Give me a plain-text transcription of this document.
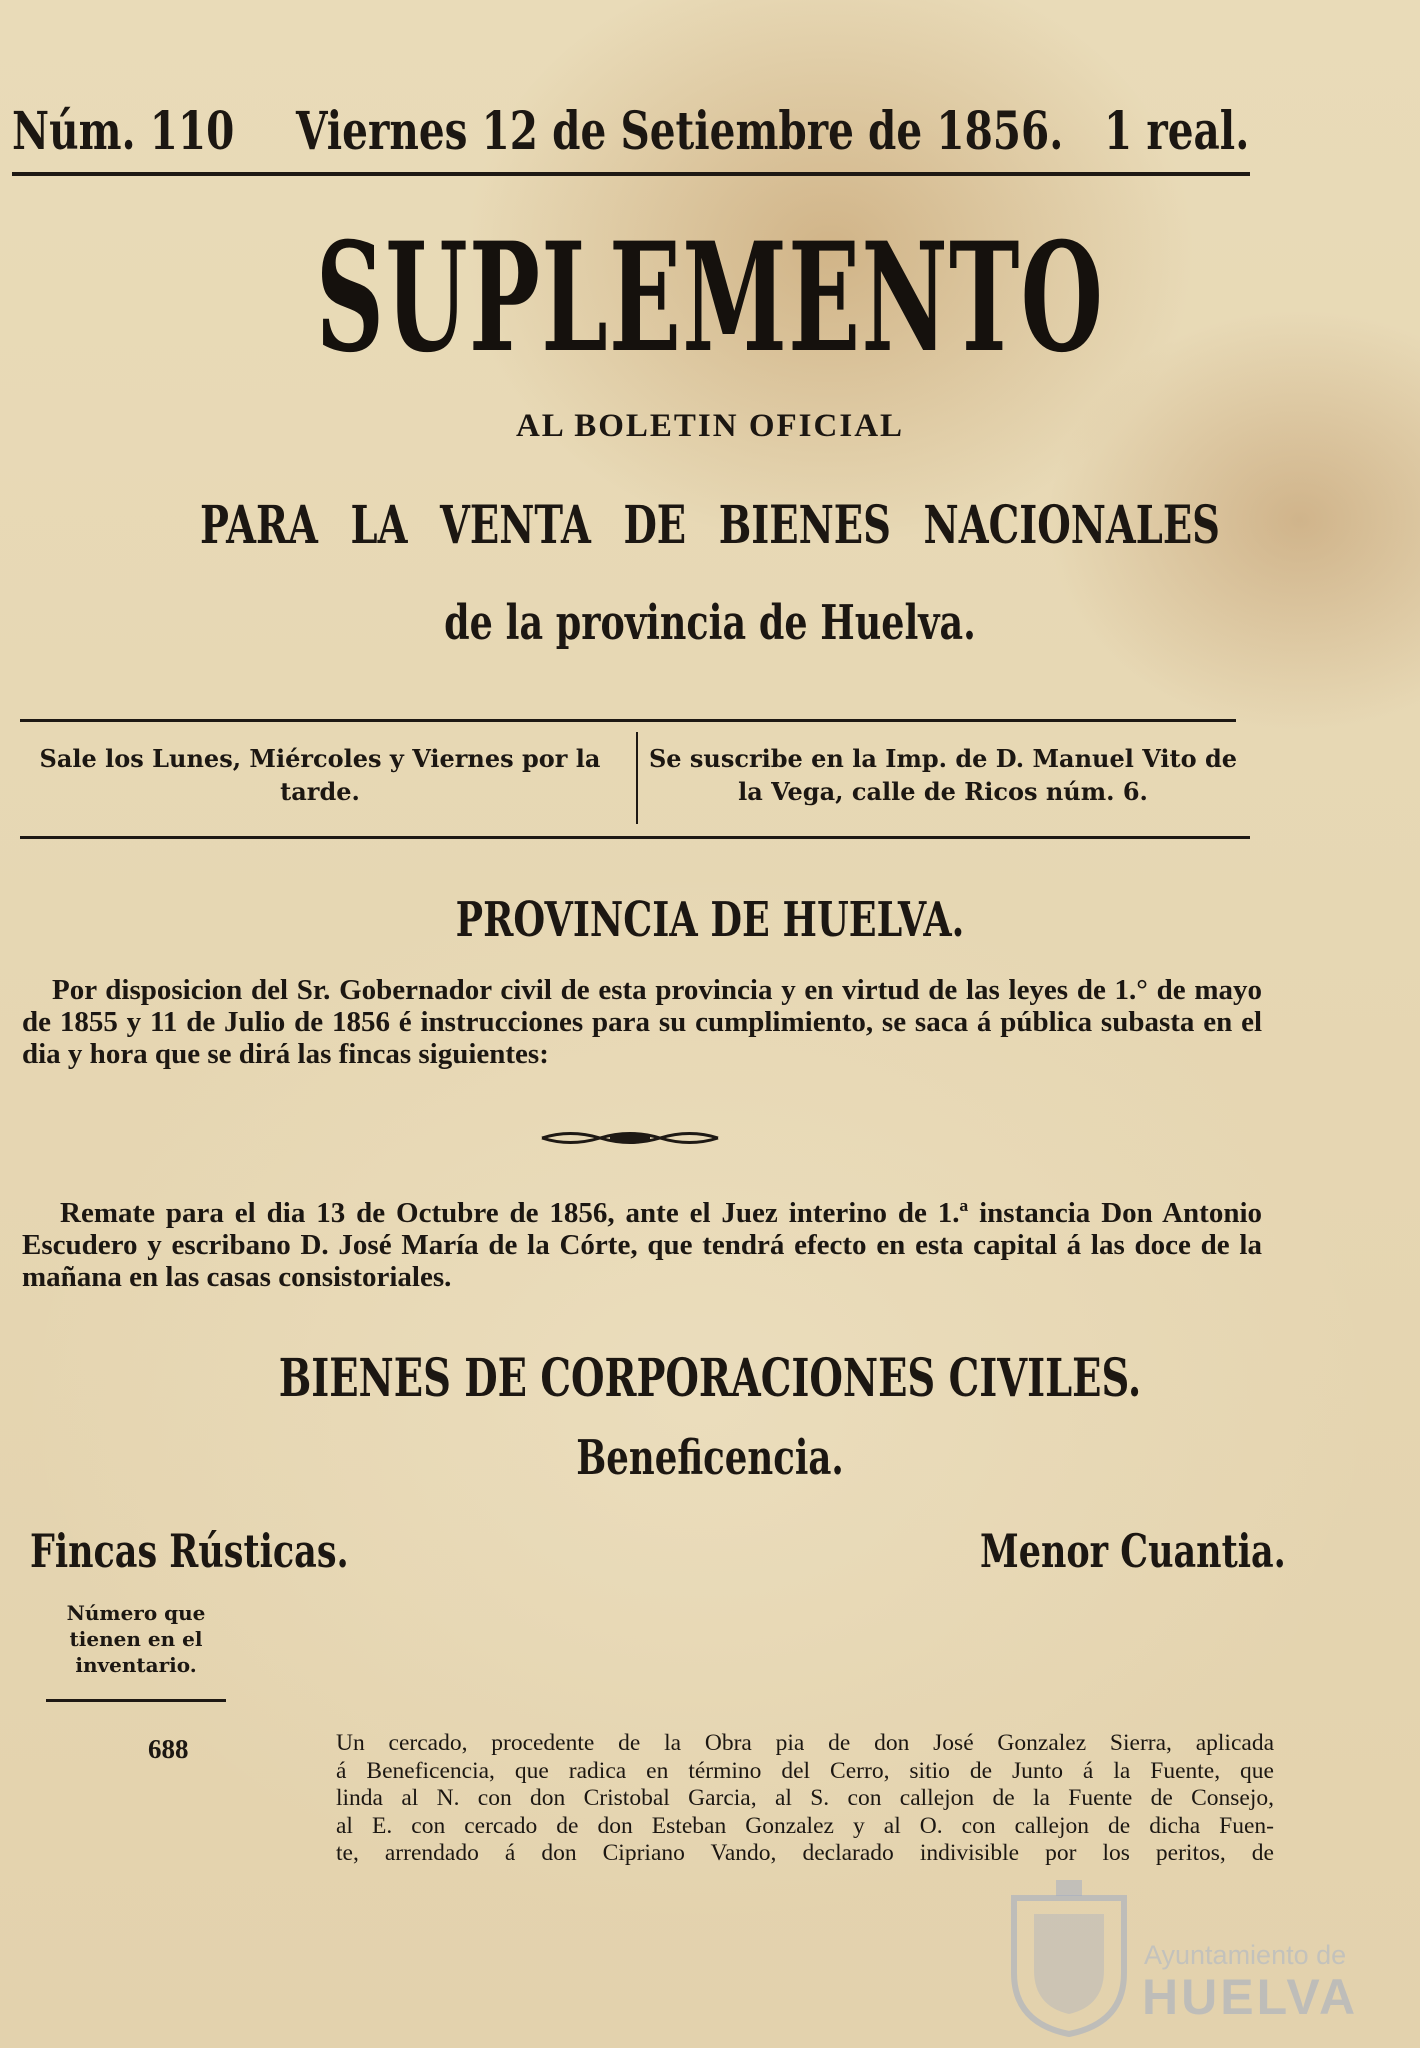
Núm. 110 Viernes 12 de Setiembre de 1856. 1 real.
SUPLEMENTO
AL BOLETIN OFICIAL
PARA LA VENTA DE BIENES NACIONALES
de la provincia de Huelva.
Sale los Lunes, Miércoles y Viernes por la tarde.
Se suscribe en la Imp. de D. Manuel Vito de la Vega, calle de Ricos núm. 6.
PROVINCIA DE HUELVA.
Por disposicion del Sr. Gobernador civil de esta provincia y en virtud de las leyes de 1.° de mayo de 1855 y 11 de Julio de 1856 é instrucciones para su cumplimiento, se saca á pública subasta en el dia y hora que se dirá las fincas siguientes:
Remate para el dia 13 de Octubre de 1856, ante el Juez interino de 1.ª instancia Don Antonio Escudero y escribano D. José María de la Córte, que tendrá efecto en esta capital á las doce de la mañana en las casas consistoriales.
BIENES DE CORPORACIONES CIVILES.
Beneficencia.
Fincas Rústicas.	Menor Cuantia.
Número que tienen en el inventario.
688	Un cercado, procedente de la Obra pia de don José Gonzalez Sierra, aplicada
á Beneficencia, que radica en término del Cerro, sitio de Junto á la Fuente, que
linda al N. con don Cristobal Garcia, al S. con callejon de la Fuente de Consejo,
al E. con cercado de don Esteban Gonzalez y al O. con callejon de dicha Fuen-
te, arrendado á don Cipriano Vando, declarado indivisible por los peritos, de
Ayuntamiento de
HUELVA
